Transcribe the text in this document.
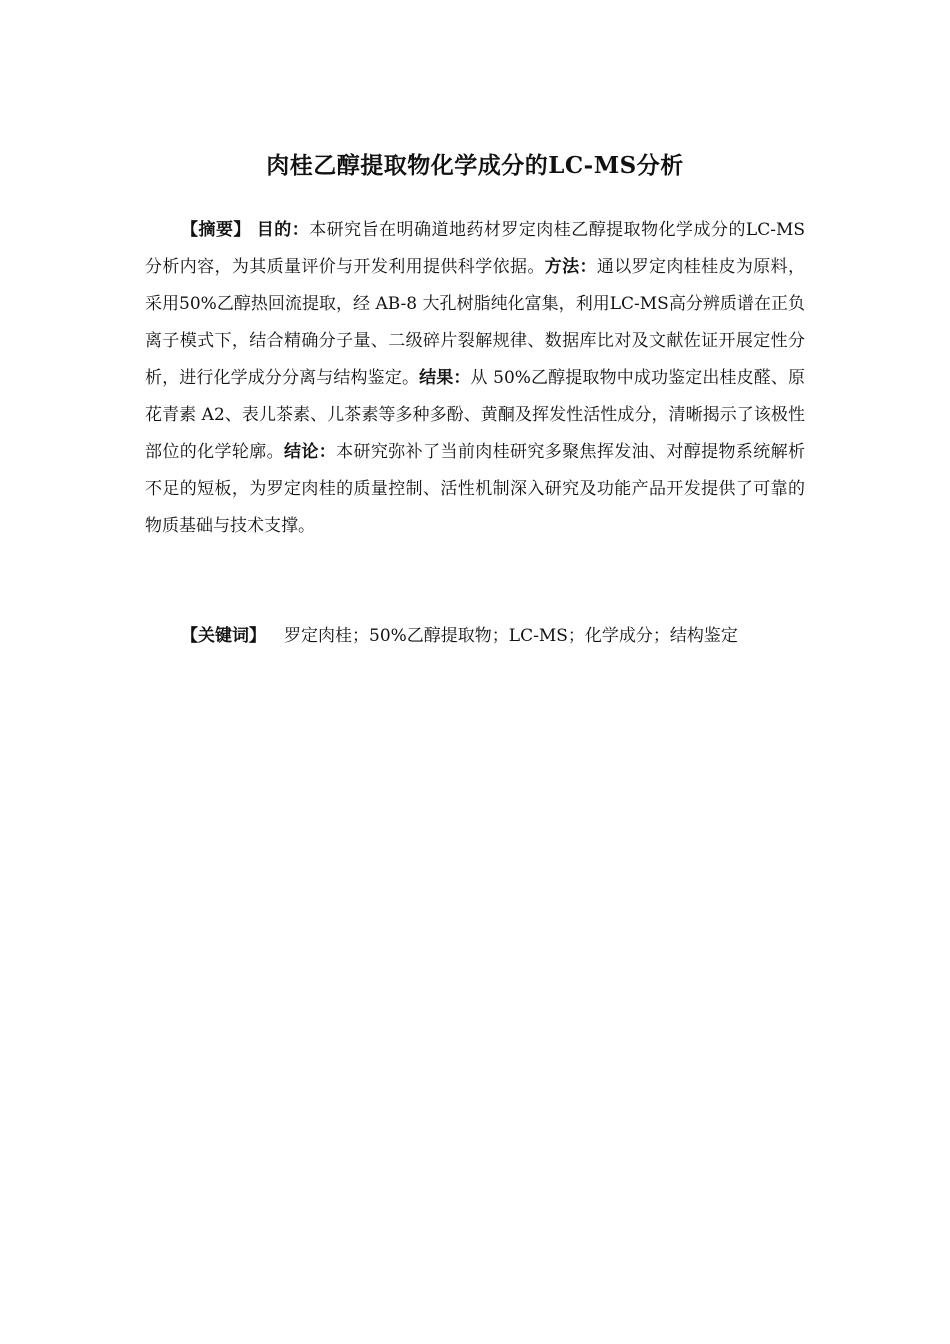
肉桂乙醇提取物化学成分的LC-MS分析

【摘要】 目的：本研究旨在明确道地药材罗定肉桂乙醇提取物化学成分的LC-MS分析内容，为其质量评价与开发利用提供科学依据。方法：通以罗定肉桂桂皮为原料，采用50%乙醇热回流提取，经 AB-8 大孔树脂纯化富集，利用LC-MS高分辨质谱在正负离子模式下，结合精确分子量、二级碎片裂解规律、数据库比对及文献佐证开展定性分析，进行化学成分分离与结构鉴定。结果：从 50%乙醇提取物中成功鉴定出桂皮醛、原花青素 A2、表儿茶素、儿茶素等多种多酚、黄酮及挥发性活性成分，清晰揭示了该极性部位的化学轮廓。结论：本研究弥补了当前肉桂研究多聚焦挥发油、对醇提物系统解析不足的短板，为罗定肉桂的质量控制、活性机制深入研究及功能产品开发提供了可靠的物质基础与技术支撑。

【关键词】 罗定肉桂；50%乙醇提取物；LC-MS；化学成分；结构鉴定
